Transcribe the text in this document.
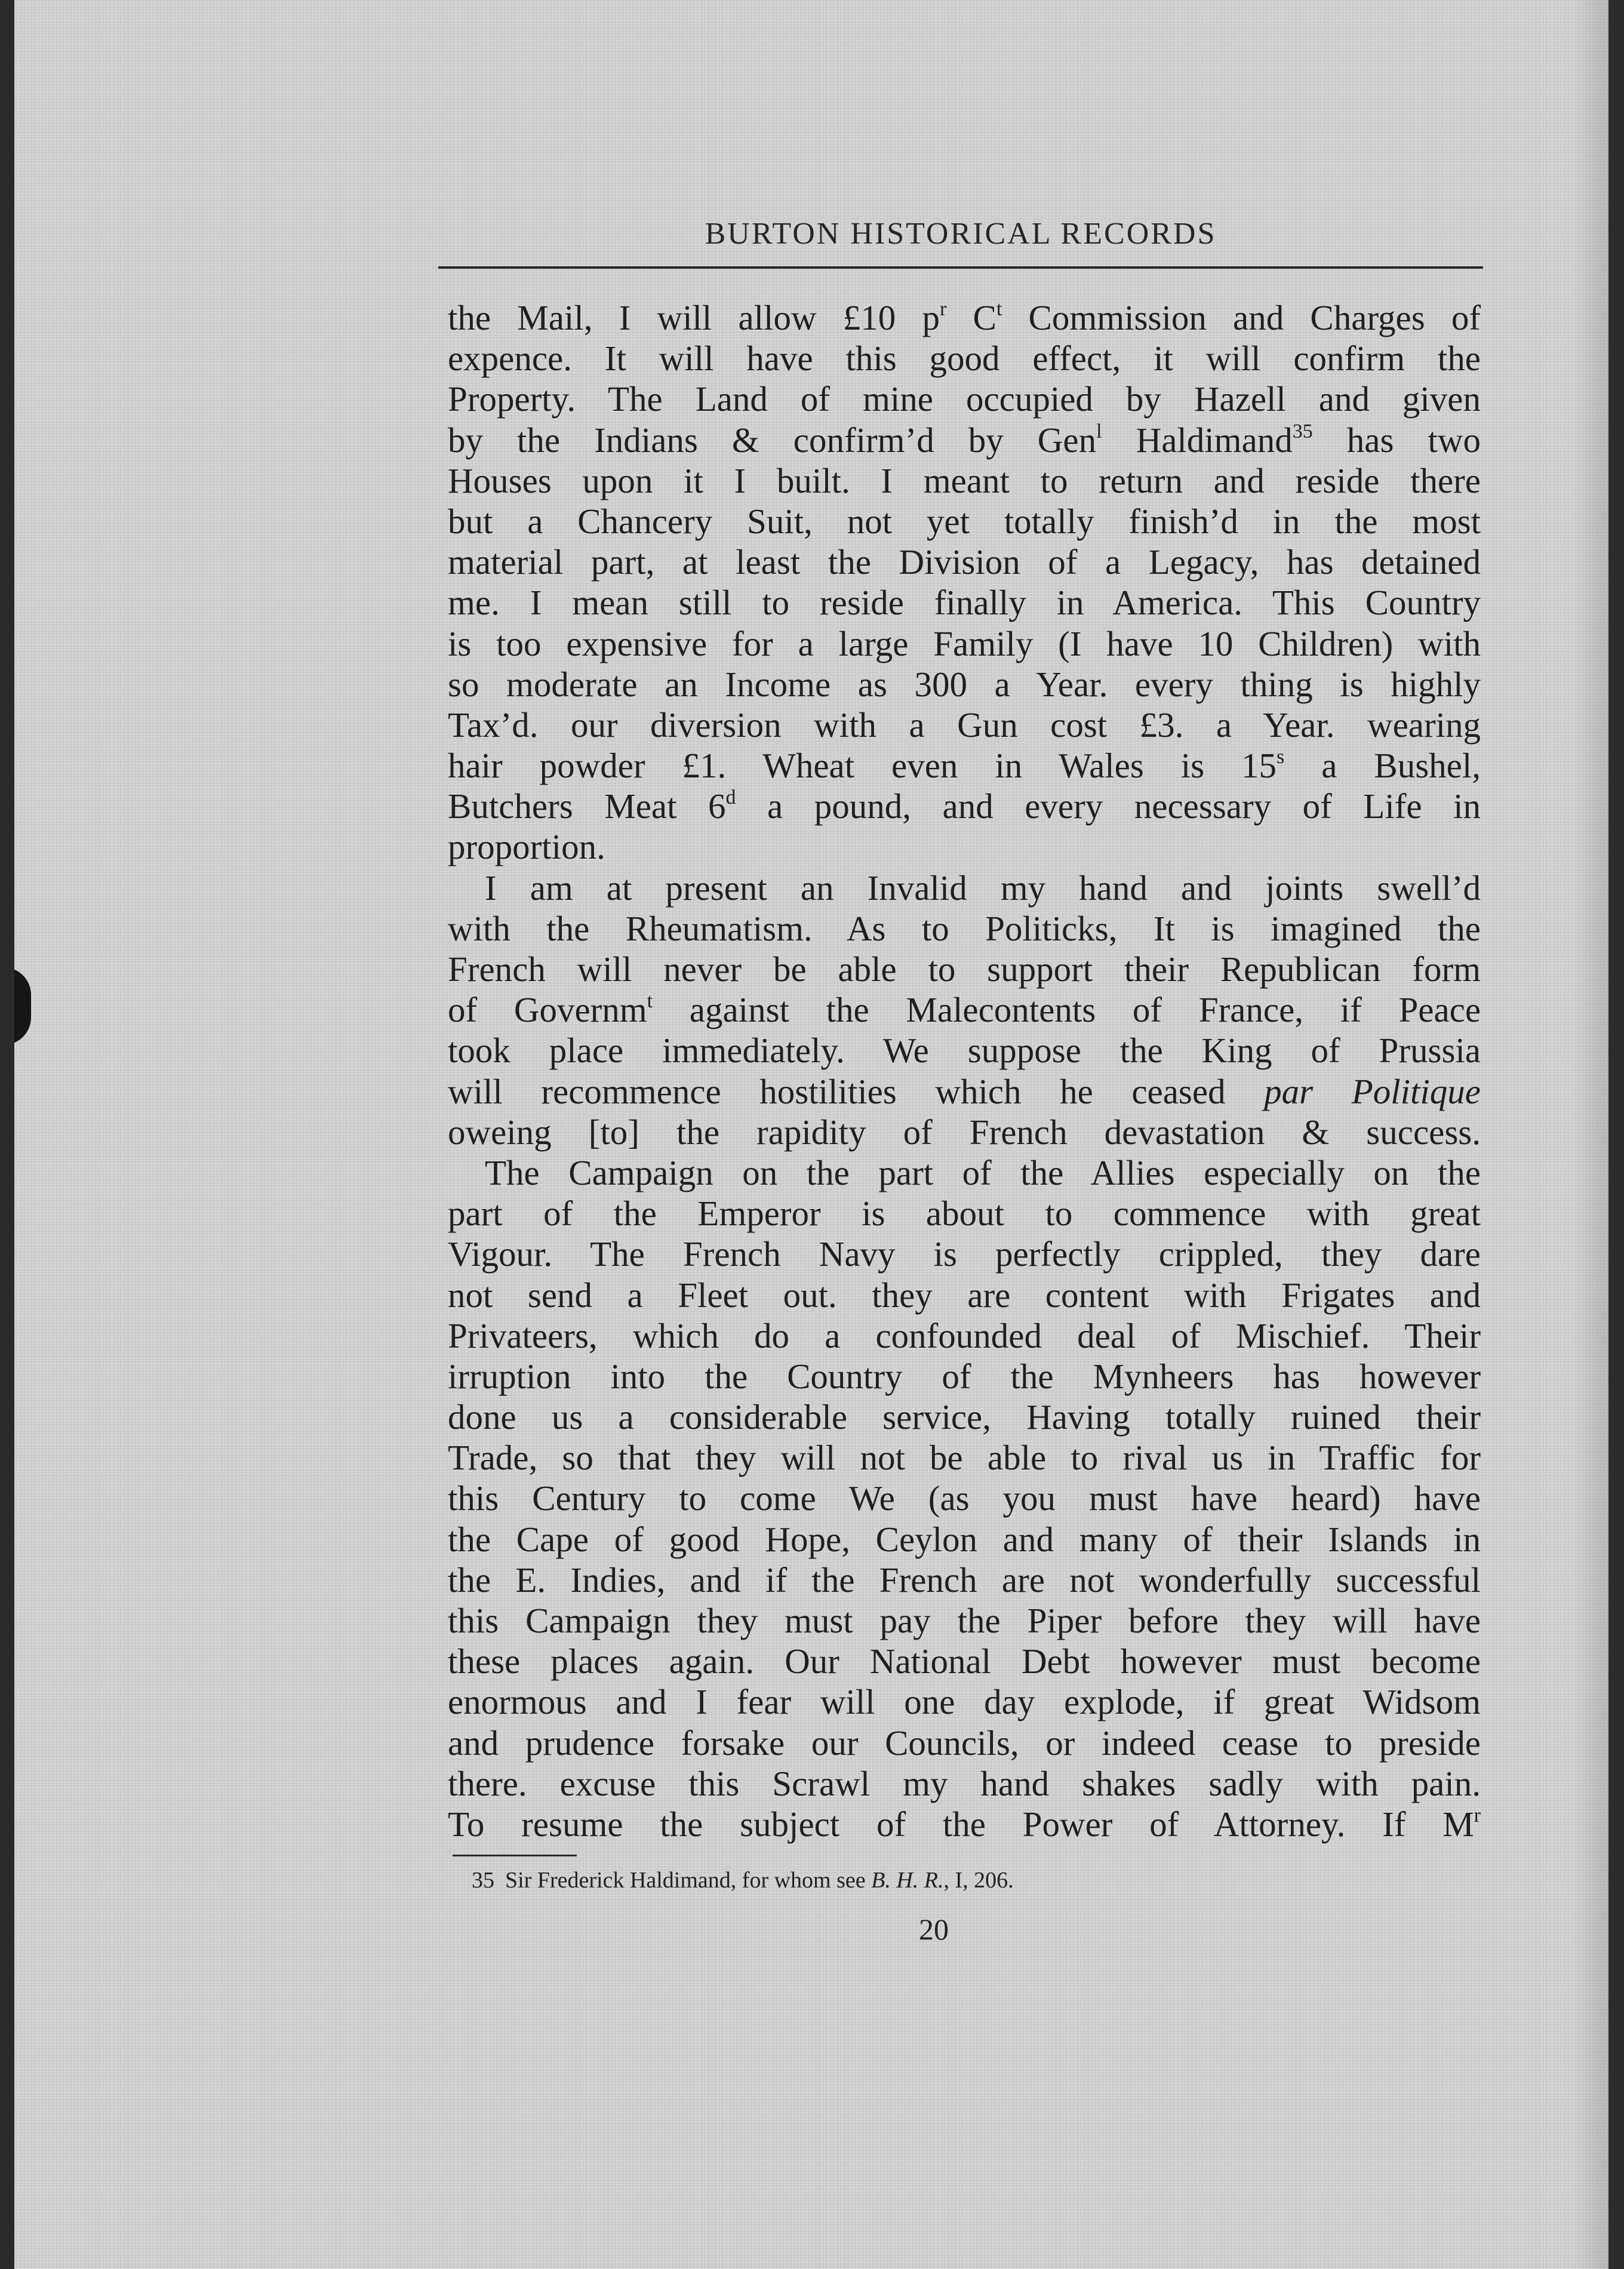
BURTON HISTORICAL RECORDS
the Mail, I will allow £10 $p^r$ $C^t$ Commission and Charges of
expence. It will have this good effect, it will confirm the
Property. The Land of mine occupied by Hazell and given
by the Indians & confirm’d by Gen$^l$ Haldimand$^{35}$ has two
Houses upon it I built. I meant to return and reside there
but a Chancery Suit, not yet totally finish’d in the most
material part, at least the Division of a Legacy, has detained
me. I mean still to reside finally in America. This Country
is too expensive for a large Family (I have 10 Children) with
so moderate an Income as 300 a Year. every thing is highly
Tax’d. our diversion with a Gun cost £3. a Year. wearing
hair powder £1. Wheat even in Wales is 15$^s$ a Bushel,
Butchers Meat 6$^d$ a pound, and every necessary of Life in
proportion.
I am at present an Invalid my hand and joints swell’d
with the Rheumatism. As to Politicks, It is imagined the
French will never be able to support their Republican form
of Governm$^t$ against the Malecontents of France, if Peace
took place immediately. We suppose the King of Prussia
will recommence hostilities which he ceased par Politique
oweing [to] the rapidity of French devastation & success.
The Campaign on the part of the Allies especially on the
part of the Emperor is about to commence with great
Vigour. The French Navy is perfectly crippled, they dare
not send a Fleet out. they are content with Frigates and
Privateers, which do a confounded deal of Mischief. Their
irruption into the Country of the Mynheers has however
done us a considerable service, Having totally ruined their
Trade, so that they will not be able to rival us in Traffic for
this Century to come We (as you must have heard) have
the Cape of good Hope, Ceylon and many of their Islands in
the E. Indies, and if the French are not wonderfully successful
this Campaign they must pay the Piper before they will have
these places again. Our National Debt however must become
enormous and I fear will one day explode, if great Widsom
and prudence forsake our Councils, or indeed cease to preside
there. excuse this Scrawl my hand shakes sadly with pain.
To resume the subject of the Power of Attorney. If $M^r$
35 Sir Frederick Haldimand, for whom see B. H. R., I, 206.
20
